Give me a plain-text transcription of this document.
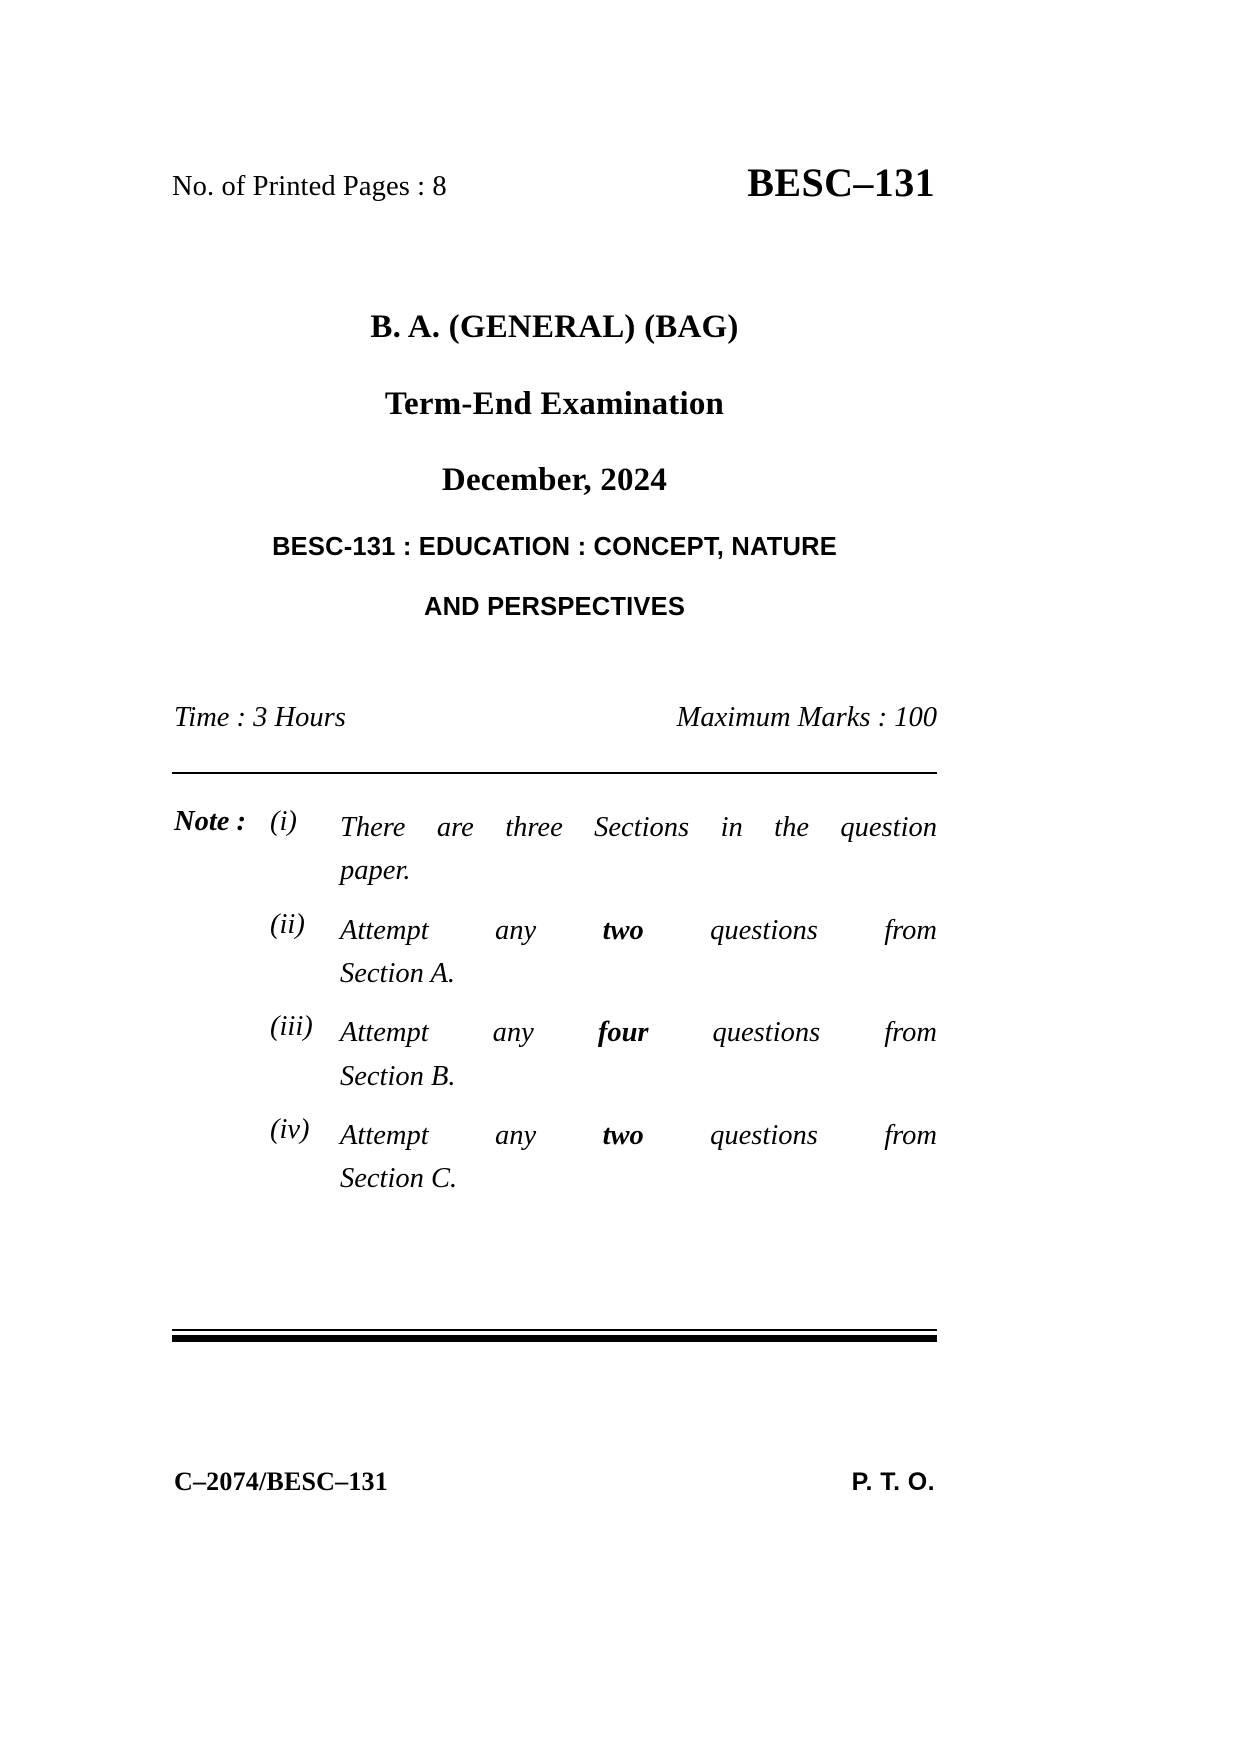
No. of Printed Pages : 8	BESC–131
B. A. (GENERAL) (BAG)
Term-End Examination
December, 2024
BESC-131 : EDUCATION : CONCEPT, NATURE
AND PERSPECTIVES
Time : 3 Hours	Maximum Marks : 100
Note : (i) There are three Sections in the question
paper.
(ii) Attempt any two questions from
Section A.
(iii) Attempt any four questions from
Section B.
(iv) Attempt any two questions from
Section C.
C–2074/BESC–131	P. T. O.
